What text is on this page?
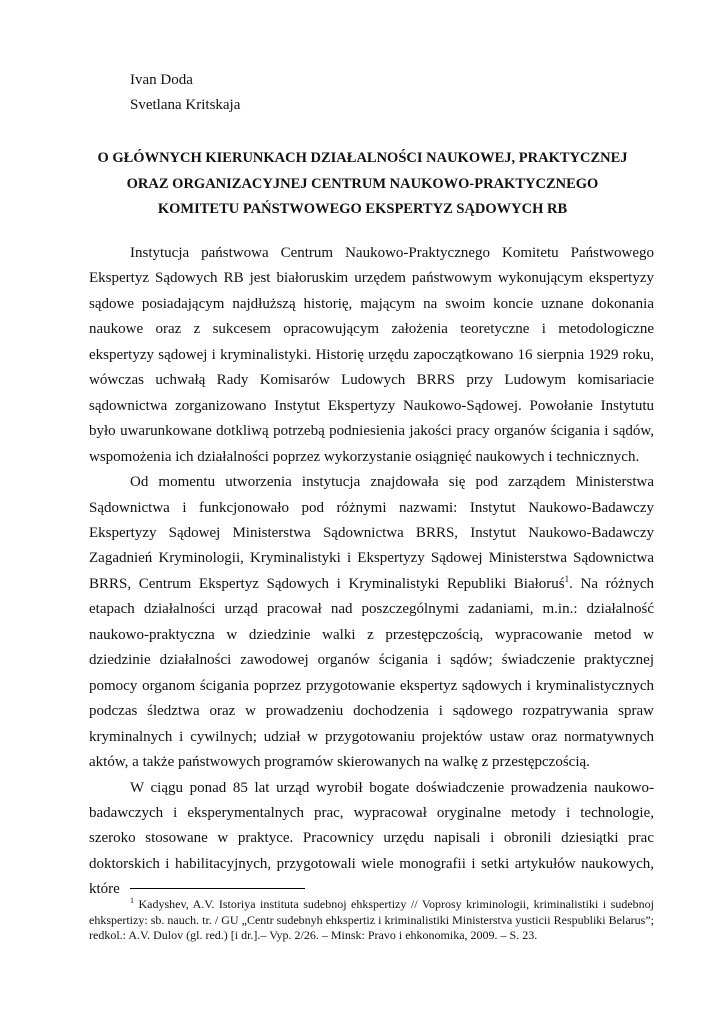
Ivan Doda
Svetlana Kritskaja
O GŁÓWNYCH KIERUNKACH DZIAŁALNOŚCI NAUKOWEJ, PRAKTYCZNEJ
ORAZ ORGANIZACYJNEJ CENTRUM NAUKOWO-PRAKTYCZNEGO
KOMITETU PAŃSTWOWEGO EKSPERTYZ SĄDOWYCH RB

Instytucja państwowa Centrum Naukowo-Praktycznego Komitetu Państwowego Ekspertyz Sądowych RB jest białoruskim urzędem państwowym wykonującym ekspertyzy sądowe posiadającym najdłuższą historię, mającym na swoim koncie uznane dokonania naukowe oraz z sukcesem opracowującym założenia teoretyczne i metodologiczne ekspertyzy sądowej i kryminalistyki. Historię urzędu zapoczątkowano 16 sierpnia 1929 roku, wówczas uchwałą Rady Komisarów Ludowych BRRS przy Ludowym komisariacie sądownictwa zorganizowano Instytut Ekspertyzy Naukowo-Sądowej. Powołanie Instytutu było uwarunkowane dotkliwą potrzebą podniesienia jakości pracy organów ścigania i sądów, wspomożenia ich działalności poprzez wykorzystanie osiągnięć naukowych i technicznych.

Od momentu utworzenia instytucja znajdowała się pod zarządem Ministerstwa Sądownictwa i funkcjonowało pod różnymi nazwami: Instytut Naukowo-Badawczy Ekspertyzy Sądowej Ministerstwa Sądownictwa BRRS, Instytut Naukowo-Badawczy Zagadnień Kryminologii, Kryminalistyki i Ekspertyzy Sądowej Ministerstwa Sądownictwa BRRS, Centrum Ekspertyz Sądowych i Kryminalistyki Republiki Białoruś$^1$. Na różnych etapach działalności urząd pracował nad poszczególnymi zadaniami, m.in.: działalność naukowo-praktyczna w dziedzinie walki z przestępczością, wypracowanie metod w dziedzinie działalności zawodowej organów ścigania i sądów; świadczenie praktycznej pomocy organom ścigania poprzez przygotowanie ekspertyz sądowych i kryminalistycznych podczas śledztwa oraz w prowadzeniu dochodzenia i sądowego rozpatrywania spraw kryminalnych i cywilnych; udział w przygotowaniu projektów ustaw oraz normatywnych aktów, a także państwowych programów skierowanych na walkę z przestępczością.

W ciągu ponad 85 lat urząd wyrobił bogate doświadczenie prowadzenia naukowo-badawczych i eksperymentalnych prac, wypracował oryginalne metody i technologie, szeroko stosowane w praktyce. Pracownicy urzędu napisali i obronili dziesiątki prac doktorskich i habilitacyjnych, przygotowali wiele monografii i setki artykułów naukowych, które

$^1$ Kadyshev, A.V. Istoriya instituta sudebnoj ehkspertizy // Voprosy kriminologii, kriminalistiki i sudebnoj ehkspertizy: sb. nauch. tr. / GU „Centr sudebnyh ehkspertiz i kriminalistiki Ministerstva yusticii Respubliki Belarus”; redkol.: A.V. Dulov (gl. red.) [i dr.].– Vyp. 2/26. – Minsk: Pravo i ehkonomika, 2009. – S. 23.
